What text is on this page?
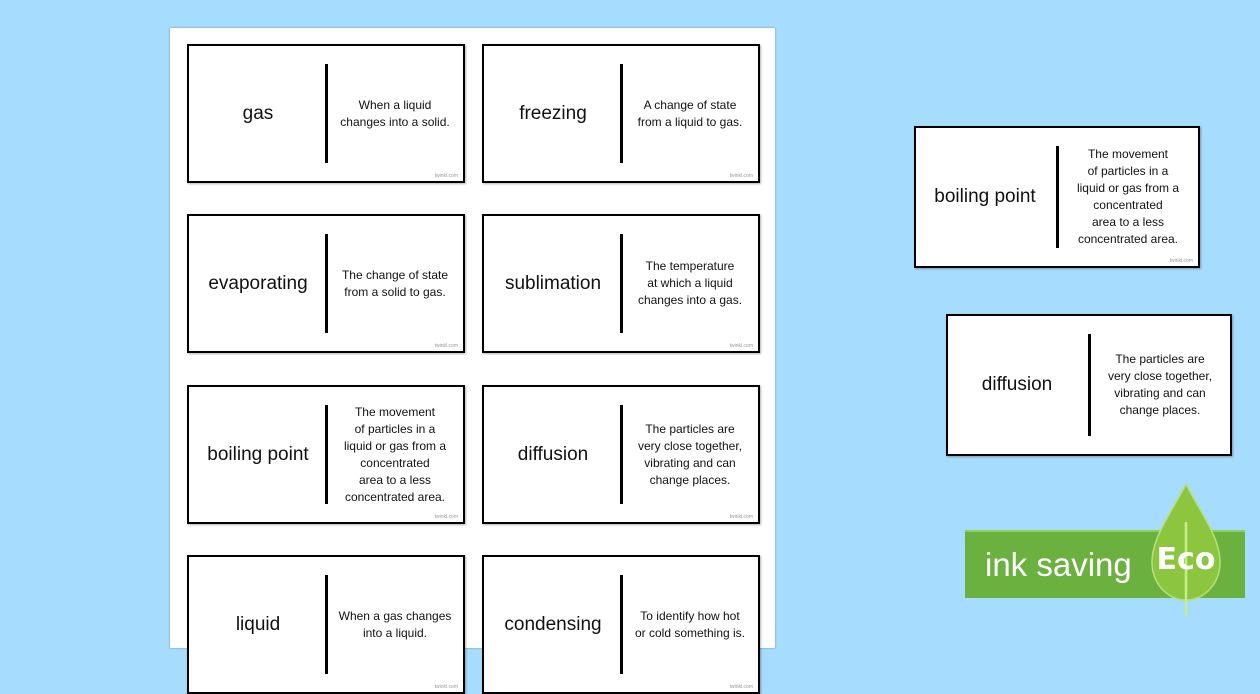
gas	When a liquid
changes into a solid.
twinkl.com
freezing	A change of state
from a liquid to gas.
twinkl.com
evaporating	The change of state
from a solid to gas.
twinkl.com
sublimation
The temperature
at which a liquid
changes into a gas.
twinkl.com
boiling point
The movement
of particles in a
liquid or gas from a
concentrated
area to a less
concentrated area.
twinkl.com
diffusion
The particles are
very close together,
vibrating and can
change places.
twinkl.com
liquid	When a gas changes
into a liquid.
twinkl.com
condensing	To identify how hot
or cold something is.
twinkl.com
boiling point
The movement
of particles in a
liquid or gas from a
concentrated
area to a less
concentrated area.
twinkl.com
diffusion
The particles are
very close together,
vibrating and can
change places.
ink saving Eco
